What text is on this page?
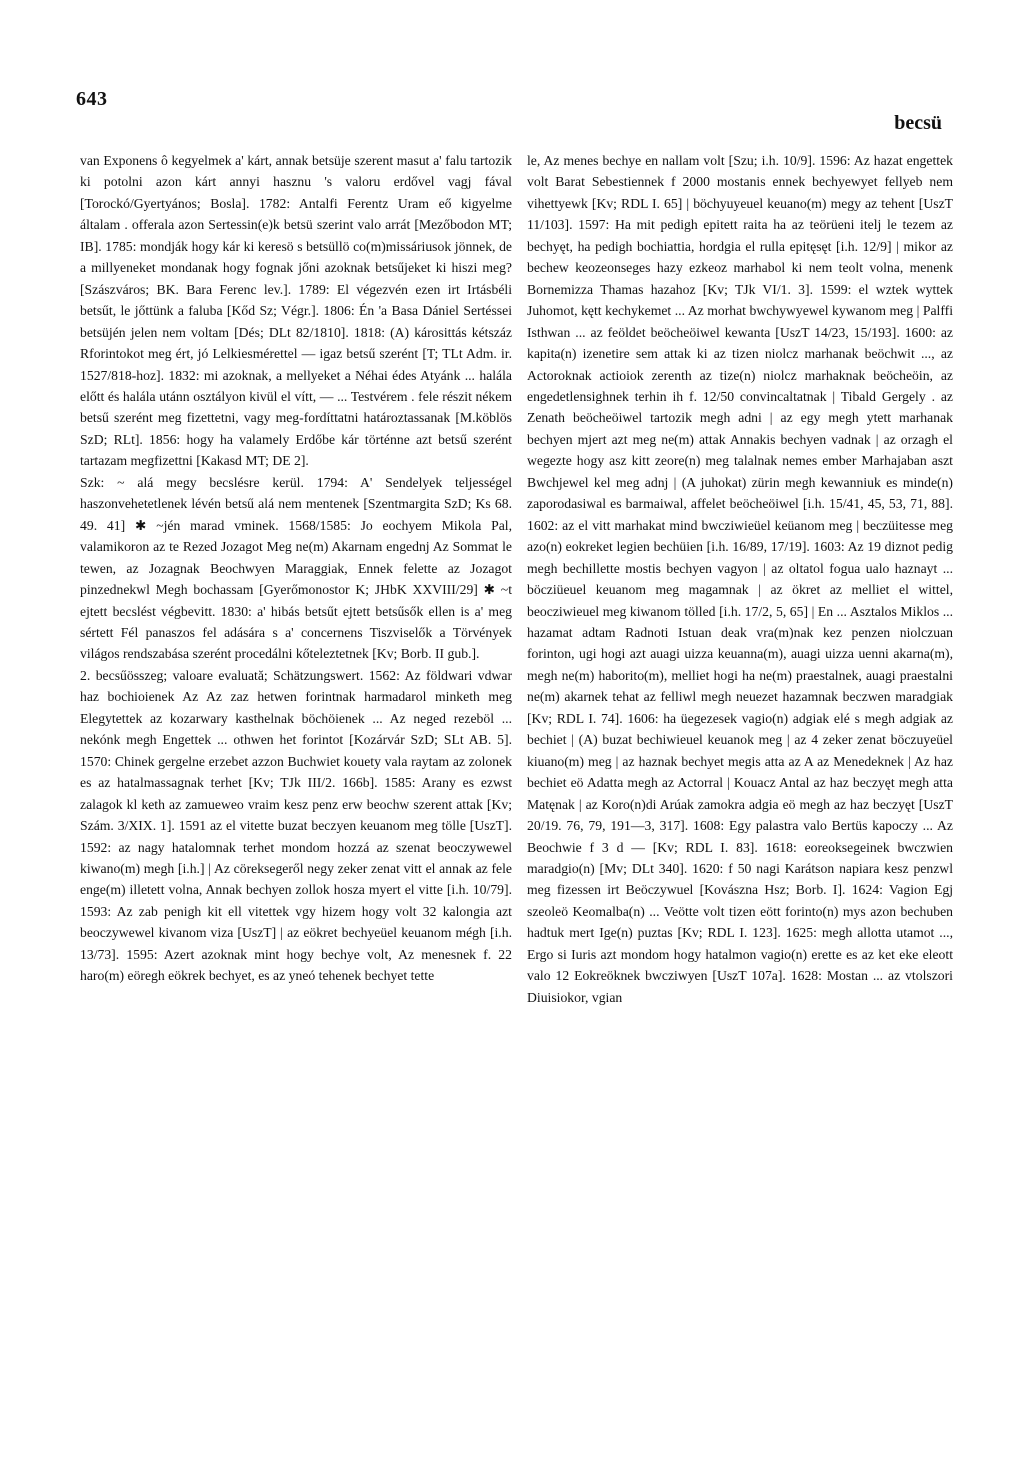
643
becsü

van Exponens ô kegyelmek a' kárt, annak betsüje szerent masut a' falu tartozik ki potolni azon kárt annyi hasznu 's valoru erdővel vagj fával [Torockó/Gyertyános; Bosla]. 1782: Antalfi Ferentz Uram eő kigyelme általam . offerala azon Sertessin(e)k betsü szerint valo arrát [Mezőbodon MT; IB]. 1785: mondják hogy kár ki keresö s betsüllö co(m)missáriusok jönnek, de a millyeneket mondanak hogy fognak jőni azoknak betsűjeket ki hiszi meg? [Szászváros; BK. Bara Ferenc lev.]. 1789: El végezvén ezen irt Irtásbéli betsűt, le jőttünk a faluba [Kőd Sz; Végr.]. 1806: Én 'a Basa Dániel Sertéssei betsüjén jelen nem voltam [Dés; DLt 82/1810]. 1818: (A) károsittás kétszáz Rforintokot meg ért, jó Lelkiesmérettel — igaz betsű szerént [T; TLt Adm. ir. 1527/818-hoz]. 1832: mi azoknak, a mellyeket a Néhai édes Atyánk ... halála előtt és halála utánn osztályon kivül el vítt, — ... Testvérem . fele részit nékem betsű szerént meg fizettetni, vagy meg-fordíttatni határoztassanak [M.köblös SzD; RLt]. 1856: hogy ha valamely Erdőbe kár történne azt betsű szerént tartazam megfizettni [Kakasd MT; DE 2].

Szk: ~ alá megy becslésre kerül. 1794: A' Sendelyek teljességel haszonvehetetlenek lévén betsű alá nem mentenek [Szentmargita SzD; Ks 68. 49. 41] ✱ ~jén marad vminek. 1568/1585: Jo eochyem Mikola Pal, valamikoron az te Rezed Jozagot Meg ne(m) Akarnam engednj Az Sommat le tewen, az Jozagnak Beochwyen Maraggiak, Ennek felette az Jozagot pinzednekwl Megh bochassam [Gyerőmonostor K; JHbK XXVIII/29] ✱ ~t ejtett becslést végbevitt. 1830: a' hibás betsűt ejtett betsűsők ellen is a' meg sértett Fél panaszos fel adására s a' concernens Tiszviselők a Törvények világos rendszabása szerént procedálni kőteleztetnek [Kv; Borb. II gub.].

2. becsűösszeg; valoare evaluată; Schätzungswert. 1562: Az földwari vdwar haz bochioienek Az Az zaz hetwen forintnak harmadarol minketh meg Elegytettek az kozarwary kasthelnak böchöienek ... Az neged rezeböl ... nekónk megh Engettek ... othwen het forintot [Kozárvár SzD; SLt AB. 5]. 1570: Chinek gergelne erzebet azzon Buchwiet kouety vala raytam az zolonek es az hatalmassagnak terhet [Kv; TJk III/2. 166b]. 1585: Arany es ezwst zalagok kl keth az zamueweo vraim kesz penz erw beochw szerent attak [Kv; Szám. 3/XIX. 1]. 1591 az el vitette buzat beczyen keuanom meg tölle [UszT]. 1592: az nagy hatalomnak terhet mondom hozzá az szenat beoczywewel kiwano(m) megh [i.h.] | Az cöreksegeről negy zeker zenat vitt el annak az fele enge(m) illetett volna, Annak bechyen zollok hosza myert el vitte [i.h. 10/79]. 1593: Az zab penigh kit ell vitettek vgy hizem hogy volt 32 kalongia azt beoczywewel kivanom viza [UszT] | az eökret bechyeüel keuanom mégh [i.h. 13/73]. 1595: Azert azoknak mint hogy bechye volt, Az menesnek f. 22 haro(m) eöregh eökrek bechyet, es az yneó tehenek bechyet tette

le, Az menes bechye en nallam volt [Szu; i.h. 10/9]. 1596: Az hazat engettek volt Barat Sebestiennek f 2000 mostanis ennek bechyewyet fellyeb nem vihettyewk [Kv; RDL I. 65] | böchyuyeuel keuano(m) megy az tehent [UszT 11/103]. 1597: Ha mit pedigh epitett raita ha az teörüeni itelj le tezem az bechyęt, ha pedigh bochiattia, hordgia el rulla epitęsęt [i.h. 12/9] | mikor az bechew keozeonseges hazy ezkeoz marhabol ki nem teolt volna, menenk Bornemizza Thamas hazahoz [Kv; TJk VI/1. 3]. 1599: el wztek wyttek Juhomot, kętt kechykemet ... Az morhat bwchywyewel kywanom meg | Palffi Isthwan ... az feöldet beöcheöiwel kewanta [UszT 14/23, 15/193]. 1600: az kapita(n) izenetire sem attak ki az tizen niolcz marhanak beöchwit ..., az Actoroknak actioiok zerenth az tize(n) niolcz marhaknak beöcheöin, az engedetlensighnek terhin ih f. 12/50 convincaltatnak | Tibald Gergely . az Zenath beöcheöiwel tartozik megh adni | az egy megh ytett marhanak bechyen mjert azt meg ne(m) attak Annakis bechyen vadnak | az orzagh el wegezte hogy asz kitt zeore(n) meg talalnak nemes ember Marhajaban aszt Bwchjewel kel meg adnj | (A juhokat) zürin megh kewanniuk es minde(n) zaporodasiwal es barmaiwal, affelet beöcheöiwel [i.h. 15/41, 45, 53, 71, 88]. 1602: az el vitt marhakat mind bwcziwieüel keüanom meg | beczüitesse meg azo(n) eokreket legien bechüien [i.h. 16/89, 17/19]. 1603: Az 19 diznot pedig megh bechillette mostis bechyen vagyon | az oltatol fogua ualo haznayt ... böcziüeuel keuanom meg magamnak | az ökret az melliet el wittel, beocziwieuel meg kiwanom tölled [i.h. 17/2, 5, 65] | En ... Asztalos Miklos ... hazamat adtam Radnoti Istuan deak vra(m)nak kez penzen niolczuan forinton, ugi hogi azt auagi uizza keuanna(m), auagi uizza uenni akarna(m), megh ne(m) haborito(m), melliet hogi ha ne(m) praestalnek, auagi praestalni ne(m) akarnek tehat az felliwl megh neuezet hazamnak beczwen maradgiak [Kv; RDL I. 74]. 1606: ha üegezesek vagio(n) adgiak elé s megh adgiak az bechiet | (A) buzat bechiwieuel keuanok meg | az 4 zeker zenat böczuyeüel kiuano(m) meg | az haznak bechyet megis atta az A az Menedeknek | Az haz bechiet eö Adatta megh az Actorral | Kouacz Antal az haz beczyęt megh atta Matęnak | az Koro(n)di Arúak zamokra adgia eö megh az haz beczyęt [UszT 20/19. 76, 79, 191—3, 317]. 1608: Egy palastra valo Bertüs kapoczy ... Az Beochwie f 3 d — [Kv; RDL I. 83]. 1618: eoreoksegeinek bwczwien maradgio(n) [Mv; DLt 340]. 1620: f 50 nagi Karátson napiara kesz penzwl meg fizessen irt Beöczywuel [Kovászna Hsz; Borb. I]. 1624: Vagion Egj szeoleö Keomalba(n) ... Veötte volt tizen eött forinto(n) mys azon bechuben hadtuk mert Ige(n) puztas [Kv; RDL I. 123]. 1625: megh allotta utamot ..., Ergo si Iuris azt mondom hogy hatalmon vagio(n) erette es az ket eke eleott valo 12 Eokreöknek bwcziwyen [UszT 107a]. 1628: Mostan ... az vtolszori Diuisiokor, vgian
